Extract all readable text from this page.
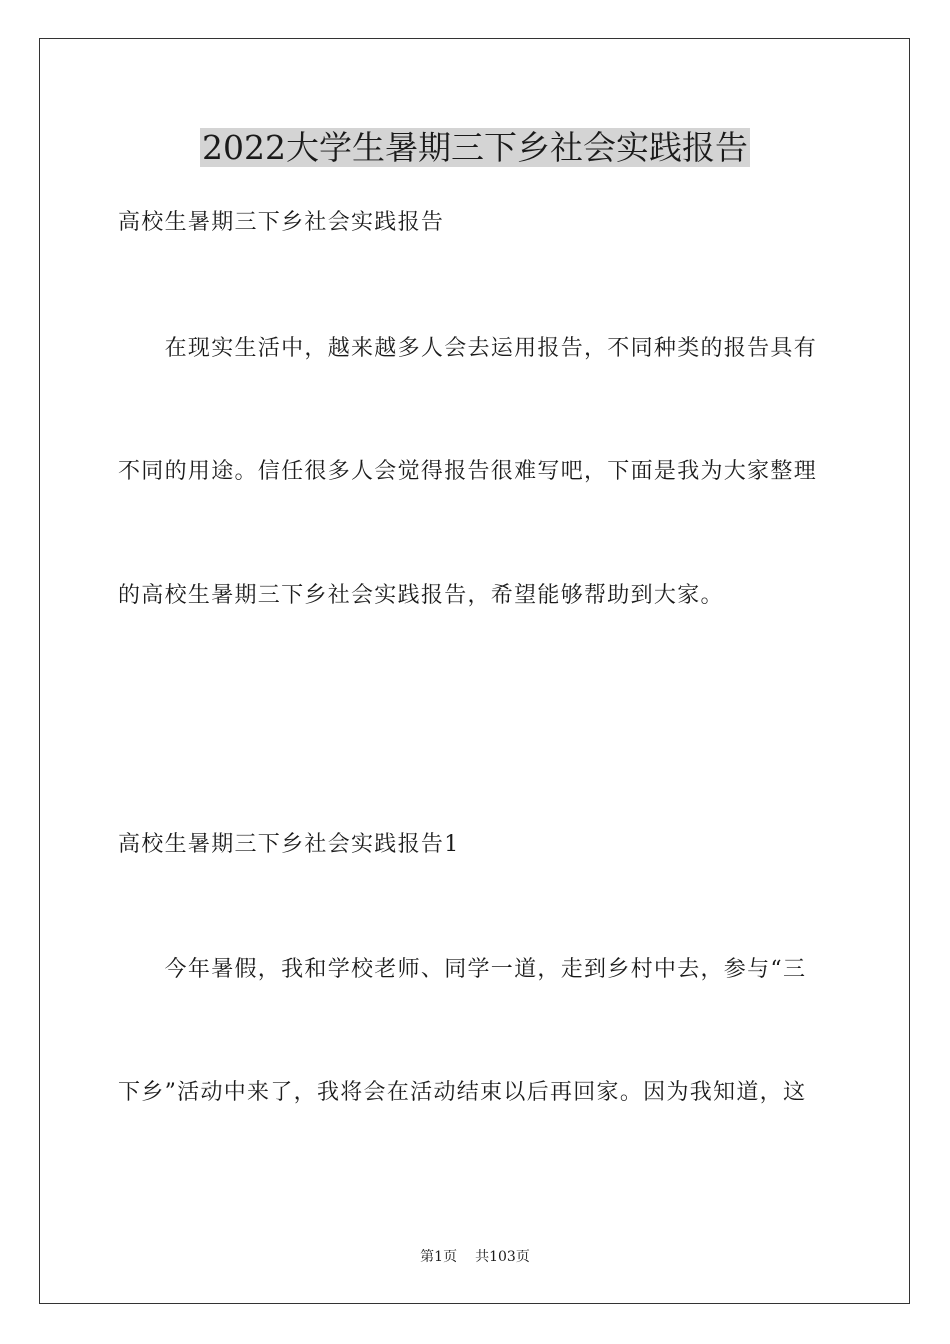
2022大学生暑期三下乡社会实践报告
高校生暑期三下乡社会实践报告
　　在现实生活中，越来越多人会去运用报告，不同种类的报告具有
不同的用途。信任很多人会觉得报告很难写吧，下面是我为大家整理
的高校生暑期三下乡社会实践报告，希望能够帮助到大家。
高校生暑期三下乡社会实践报告1
　　今年暑假，我和学校老师、同学一道，走到乡村中去，参与“三
下乡”活动中来了，我将会在活动结束以后再回家。因为我知道，这
第1页 共103页
